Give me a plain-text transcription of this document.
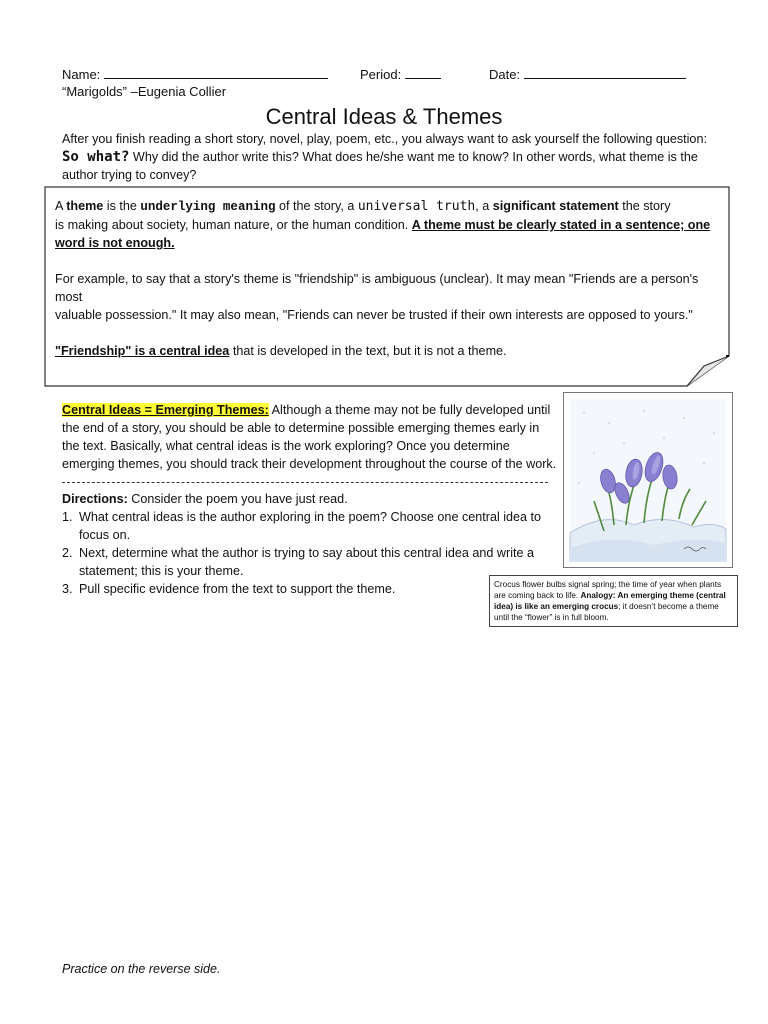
Name:	Period:	Date:
“Marigolds” –Eugenia Collier
Central Ideas & Themes
After you finish reading a short story, novel, play, poem, etc., you always want to ask yourself the following question:
So what? Why did the author write this? What does he/she want me to know? In other words, what theme is the
author trying to convey?
A theme is the underlying meaning of the story, a universal truth, a significant statement the story
is making about society, human nature, or the human condition. A theme must be clearly stated in a sentence; one
word is not enough.
For example, to say that a story's theme is "friendship" is ambiguous (unclear). It may mean "Friends are a person's most
valuable possession." It may also mean, "Friends can never be trusted if their own interests are opposed to yours."
"Friendship" is a central idea that is developed in the text, but it is not a theme.
Central Ideas = Emerging Themes: Although a theme may not be fully developed until
the end of a story, you should be able to determine possible emerging themes early in
the text. Basically, what central ideas is the work exploring? Once you determine
emerging themes, you should track their development throughout the course of the work.
Directions: Consider the poem you have just read.
1. What central ideas is the author exploring in the poem? Choose one central idea to
focus on.
2. Next, determine what the author is trying to say about this central idea and write a
statement; this is your theme.
3. Pull specific evidence from the text to support the theme.	Crocus flower bulbs signal spring; the time of year when plants are coming back to life. Analogy: An emerging theme (central idea) is like an emerging crocus; it doesn’t become a theme until the “flower” is in full bloom.
Practice on the reverse side.
